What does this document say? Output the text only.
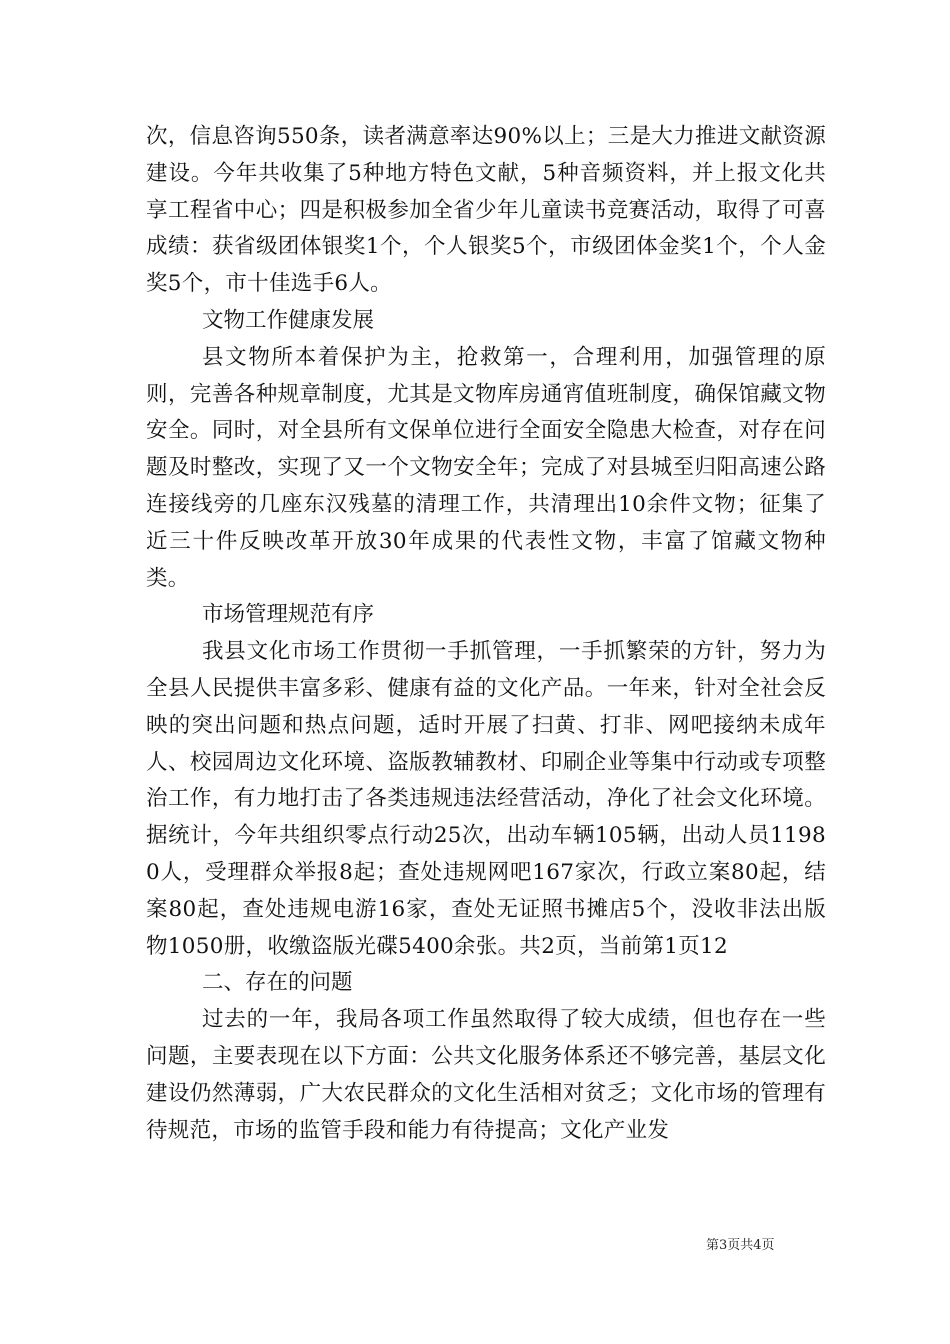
次，信息咨询550条，读者满意率达90%以上；三是大力推进文献资源建设。今年共收集了5种地方特色文献，5种音频资料，并上报文化共享工程省中心；四是积极参加全省少年儿童读书竞赛活动，取得了可喜成绩：获省级团体银奖1个，个人银奖5个，市级团体金奖1个，个人金奖5个，市十佳选手6人。

文物工作健康发展

县文物所本着保护为主，抢救第一，合理利用，加强管理的原则，完善各种规章制度，尤其是文物库房通宵值班制度，确保馆藏文物安全。同时，对全县所有文保单位进行全面安全隐患大检查，对存在问题及时整改，实现了又一个文物安全年；完成了对县城至归阳高速公路连接线旁的几座东汉残墓的清理工作，共清理出10余件文物；征集了近三十件反映改革开放30年成果的代表性文物，丰富了馆藏文物种类。

市场管理规范有序

我县文化市场工作贯彻一手抓管理，一手抓繁荣的方针，努力为全县人民提供丰富多彩、健康有益的文化产品。一年来，针对全社会反映的突出问题和热点问题，适时开展了扫黄、打非、网吧接纳未成年人、校园周边文化环境、盗版教辅教材、印刷企业等集中行动或专项整治工作，有力地打击了各类违规违法经营活动，净化了社会文化环境。据统计，今年共组织零点行动25次，出动车辆105辆，出动人员11980人，受理群众举报8起；查处违规网吧167家次，行政立案80起，结案80起，查处违规电游16家，查处无证照书摊店5个，没收非法出版物1050册，收缴盗版光碟5400余张。共2页，当前第1页12

二、存在的问题

过去的一年，我局各项工作虽然取得了较大成绩，但也存在一些问题，主要表现在以下方面：公共文化服务体系还不够完善，基层文化建设仍然薄弱，广大农民群众的文化生活相对贫乏；文化市场的管理有待规范，市场的监管手段和能力有待提高；文化产业发

第3页共4页
